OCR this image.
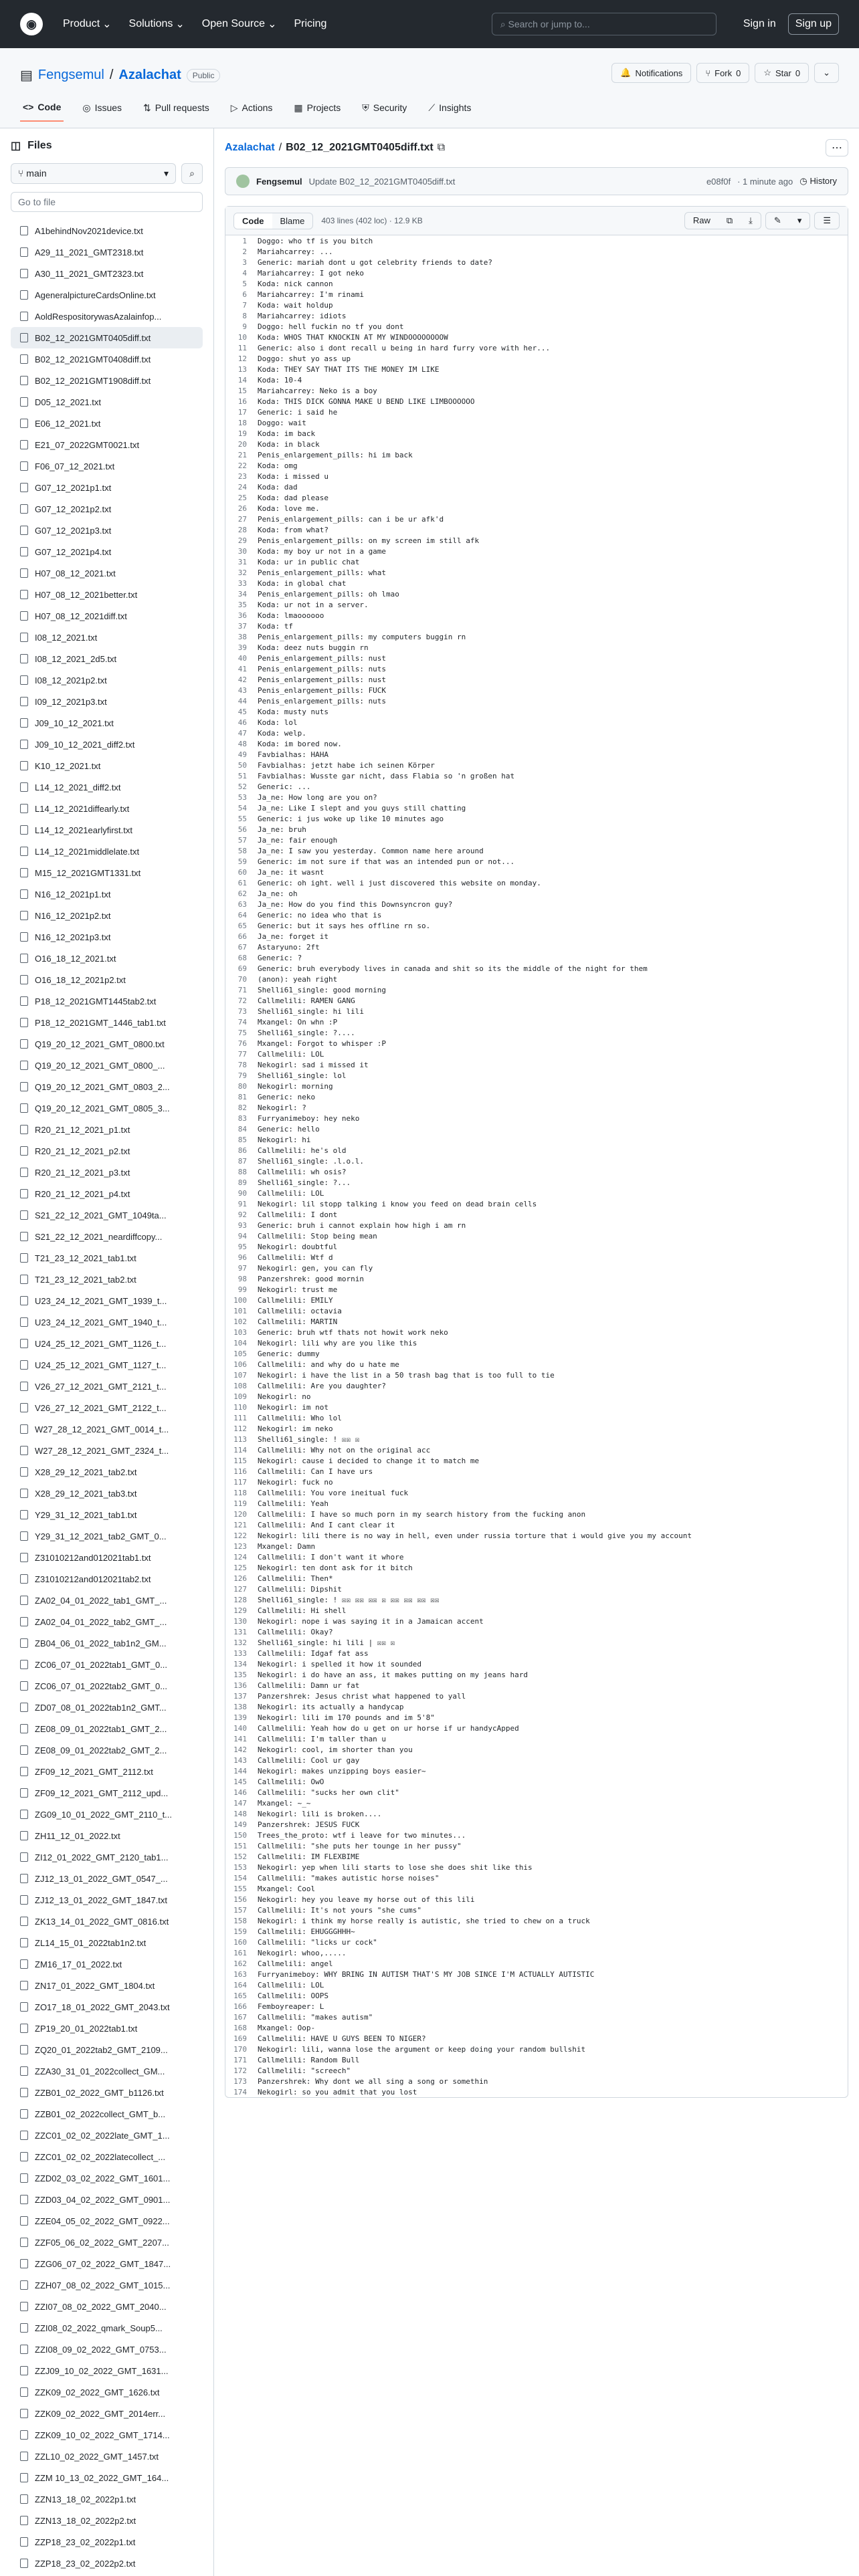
◉	Product ⌄ Solutions ⌄ Open Source ⌄ Pricing	⌕ Search or jump to...	Sign in	Sign up
▤ Fengsemul / Azalachat	Public	🔔 Notifications	⑂ Fork 0	☆ Star 0	⌄
<> Code ◎ Issues ⇅ Pull requests ▷ Actions ▦ Projects ⛨ Security ⟋ Insights
◫ Files
⑂ main	▾ ⌕
Go to file
A1behindNov2021device.txt
A29_11_2021_GMT2318.txt
A30_11_2021_GMT2323.txt
AgeneralpictureCardsOnline.txt
AoldRespositorywasAzalainfop...
B02_12_2021GMT0405diff.txt
B02_12_2021GMT0408diff.txt
B02_12_2021GMT1908diff.txt
D05_12_2021.txt
E06_12_2021.txt
E21_07_2022GMT0021.txt
F06_07_12_2021.txt
G07_12_2021p1.txt
G07_12_2021p2.txt
G07_12_2021p3.txt
G07_12_2021p4.txt
H07_08_12_2021.txt
H07_08_12_2021better.txt
H07_08_12_2021diff.txt
I08_12_2021.txt
I08_12_2021_2d5.txt
I08_12_2021p2.txt
I09_12_2021p3.txt
J09_10_12_2021.txt
J09_10_12_2021_diff2.txt
K10_12_2021.txt
L14_12_2021_diff2.txt
L14_12_2021diffearly.txt
L14_12_2021earlyfirst.txt
L14_12_2021middlelate.txt
M15_12_2021GMT1331.txt
N16_12_2021p1.txt
N16_12_2021p2.txt
N16_12_2021p3.txt
O16_18_12_2021.txt
O16_18_12_2021p2.txt
P18_12_2021GMT1445tab2.txt
P18_12_2021GMT_1446_tab1.txt
Q19_20_12_2021_GMT_0800.txt
Q19_20_12_2021_GMT_0800_...
Q19_20_12_2021_GMT_0803_2...
Q19_20_12_2021_GMT_0805_3...
R20_21_12_2021_p1.txt
R20_21_12_2021_p2.txt
R20_21_12_2021_p3.txt
R20_21_12_2021_p4.txt
S21_22_12_2021_GMT_1049ta...
S21_22_12_2021_neardiffcopy...
T21_23_12_2021_tab1.txt
T21_23_12_2021_tab2.txt
U23_24_12_2021_GMT_1939_t...
U23_24_12_2021_GMT_1940_t...
U24_25_12_2021_GMT_1126_t...
U24_25_12_2021_GMT_1127_t...
V26_27_12_2021_GMT_2121_t...
V26_27_12_2021_GMT_2122_t...
W27_28_12_2021_GMT_0014_t...
W27_28_12_2021_GMT_2324_t...
X28_29_12_2021_tab2.txt
X28_29_12_2021_tab3.txt
Y29_31_12_2021_tab1.txt
Y29_31_12_2021_tab2_GMT_0...
Z31010212and012021tab1.txt
Z31010212and012021tab2.txt
ZA02_04_01_2022_tab1_GMT_...
ZA02_04_01_2022_tab2_GMT_...
ZB04_06_01_2022_tab1n2_GM...
ZC06_07_01_2022tab1_GMT_0...
ZC06_07_01_2022tab2_GMT_0...
ZD07_08_01_2022tab1n2_GMT...
ZE08_09_01_2022tab1_GMT_2...
ZE08_09_01_2022tab2_GMT_2...
ZF09_12_2021_GMT_2112.txt
ZF09_12_2021_GMT_2112_upd...
ZG09_10_01_2022_GMT_2110_t...
ZH11_12_01_2022.txt
ZI12_01_2022_GMT_2120_tab1...
ZJ12_13_01_2022_GMT_0547_...
ZJ12_13_01_2022_GMT_1847.txt
ZK13_14_01_2022_GMT_0816.txt
ZL14_15_01_2022tab1n2.txt
ZM16_17_01_2022.txt
ZN17_01_2022_GMT_1804.txt
ZO17_18_01_2022_GMT_2043.txt
ZP19_20_01_2022tab1.txt
ZQ20_01_2022tab2_GMT_2109...
ZZA30_31_01_2022collect_GM...
ZZB01_02_2022_GMT_b1126.txt
ZZB01_02_2022collect_GMT_b...
ZZC01_02_02_2022late_GMT_1...
ZZC01_02_02_2022latecollect_...
ZZD02_03_02_2022_GMT_1601...
ZZD03_04_02_2022_GMT_0901...
ZZE04_05_02_2022_GMT_0922...
ZZF05_06_02_2022_GMT_2207...
ZZG06_07_02_2022_GMT_1847...
ZZH07_08_02_2022_GMT_1015...
ZZI07_08_02_2022_GMT_2040...
ZZI08_02_2022_qmark_Soup5...
ZZI08_09_02_2022_GMT_0753...
ZZJ09_10_02_2022_GMT_1631...
ZZK09_02_2022_GMT_1626.txt
ZZK09_02_2022_GMT_2014err...
ZZK09_10_02_2022_GMT_1714...
ZZL10_02_2022_GMT_1457.txt
ZZM 10_13_02_2022_GMT_164...
ZZN13_18_02_2022p1.txt
ZZN13_18_02_2022p2.txt
ZZP18_23_02_2022p1.txt
ZZP18_23_02_2022p2.txt
Azalachat / B02_12_2021GMT0405diff.txt ⧉	⋯
Fengsemul Update B02_12_2021GMT0405diff.txt	e08f0f · 1 minute ago ◷ History
Code	Blame	403 lines (402 loc) · 12.9 KB	Raw	⧉	⤓	✎	▾	☰
1	Doggo: who tf is you bitch
2	Mariahcarrey: ...
3	Generic: mariah dont u got celebrity friends to date?
4	Mariahcarrey: I got neko
5	Koda: nick cannon
6	Mariahcarrey: I'm rinami
7	Koda: wait holdup
8	Mariahcarrey: idiots
9	Doggo: hell fuckin no tf you dont
10	Koda: WHOS THAT KNOCKIN AT MY WINDOOOOOOOOW
11	Generic: also i dont recall u being in hard furry vore with her...
12	Doggo: shut yo ass up
13	Koda: THEY SAY THAT ITS THE MONEY IM LIKE
14	Koda: 10-4
15	Mariahcarrey: Neko is a boy
16	Koda: THIS DICK GONNA MAKE U BEND LIKE LIMBOOOOOO
17	Generic: i said he
18	Doggo: wait
19	Koda: im back
20	Koda: in black
21	Penis_enlargement_pills: hi im back
22	Koda: omg
23	Koda: i missed u
24	Koda: dad
25	Koda: dad please
26	Koda: love me.
27	Penis_enlargement_pills: can i be ur afk'd
28	Koda: from what?
29	Penis_enlargement_pills: on my screen im still afk
30	Koda: my boy ur not in a game
31	Koda: ur in public chat
32	Penis_enlargement_pills: what
33	Koda: in global chat
34	Penis_enlargement_pills: oh lmao
35	Koda: ur not in a server.
36	Koda: lmaoooooo
37	Koda: tf
38	Penis_enlargement_pills: my computers buggin rn
39	Koda: deez nuts buggin rn
40	Penis_enlargement_pills: nust
41	Penis_enlargement_pills: nuts
42	Penis_enlargement_pills: nust
43	Penis_enlargement_pills: FUCK
44	Penis_enlargement_pills: nuts
45	Koda: musty nuts
46	Koda: lol
47	Koda: welp.
48	Koda: im bored now.
49	Favbialhas: HAHA
50	Favbialhas: jetzt habe ich seinen Körper
51	Favbialhas: Wusste gar nicht, dass Flabia so 'n großen hat
52	Generic: ...
53	Ja_ne: How long are you on?
54	Ja_ne: Like I slept and you guys still chatting
55	Generic: i jus woke up like 10 minutes ago
56	Ja_ne: bruh
57	Ja_ne: fair enough
58	Ja_ne: I saw you yesterday. Common name here around
59	Generic: im not sure if that was an intended pun or not...
60	Ja_ne: it wasnt
61	Generic: oh ight. well i just discovered this website on monday.
62	Ja_ne: oh
63	Ja_ne: How do you find this Downsyncron guy?
64	Generic: no idea who that is
65	Generic: but it says hes offline rn so.
66	Ja_ne: forget it
67	Astaryuno: 2ft
68	Generic: ?
69	Generic: bruh everybody lives in canada and shit so its the middle of the night for them
70	(anon): yeah right
71	Shelli61_single: good morning
72	Callmelili: RAMEN GANG
73	Shelli61_single: hi lili
74	Mxangel: On whn :P
75	Shelli61_single: ?....
76	Mxangel: Forgot to whisper :P
77	Callmelili: LOL
78	Nekogirl: sad i missed it
79	Shelli61_single: lol
80	Nekogirl: morning
81	Generic: neko
82	Nekogirl: ?
83	Furryanimeboy: hey neko
84	Generic: hello
85	Nekogirl: hi
86	Callmelili: he's old
87	Shelli61_single: .l.o.l.
88	Callmelili: wh osis?
89	Shelli61_single: ?...
90	Callmelili: LOL
91	Nekogirl: lil stopp talking i know you feed on dead brain cells
92	Callmelili: I dont
93	Generic: bruh i cannot explain how high i am rn
94	Callmelili: Stop being mean
95	Nekogirl: doubtful
96	Callmelili: Wtf d
97	Nekogirl: gen, you can fly
98	Panzershrek: good mornin
99	Nekogirl: trust me
100	Callmelili: EMILY
101	Callmelili: octavia
102	Callmelili: MARTIN
103	Generic: bruh wtf thats not howit work neko
104	Nekogirl: lili why are you like this
105	Generic: dummy
106	Callmelili: and why do u hate me
107	Nekogirl: i have the list in a 50 trash bag that is too full to tie
108	Callmelili: Are you daughter?
109	Nekogirl: no
110	Nekogirl: im not
111	Callmelili: Who lol
112	Nekogirl: im neko
113	Shelli61_single: ! ☒☒ ☒
114	Callmelili: Why not on the original acc
115	Nekogirl: cause i decided to change it to match me
116	Callmelili: Can I have urs
117	Nekogirl: fuck no
118	Callmelili: You vore ineitual fuck
119	Callmelili: Yeah
120	Callmelili: I have so much porn in my search history from the fucking anon
121	Callmelili: And I cant clear it
122	Nekogirl: lili there is no way in hell, even under russia torture that i would give you my account
123	Mxangel: Damn
124	Callmelili: I don't want it whore
125	Nekogirl: ten dont ask for it bitch
126	Callmelili: Then*
127	Callmelili: Dipshit
128	Shelli61_single: ! ☒☒ ☒☒ ☒☒ ☒ ☒☒ ☒☒ ☒☒ ☒☒
129	Callmelili: Hi shell
130	Nekogirl: nope i was saying it in a Jamaican accent
131	Callmelili: Okay?
132	Shelli61_single: hi lili | ☒☒ ☒
133	Callmelili: Idgaf fat ass
134	Nekogirl: i spelled it how it sounded
135	Nekogirl: i do have an ass, it makes putting on my jeans hard
136	Callmelili: Damn ur fat
137	Panzershrek: Jesus christ what happened to yall
138	Nekogirl: its actually a handycap
139	Nekogirl: lili im 170 pounds and im 5'8"
140	Callmelili: Yeah how do u get on ur horse if ur handycApped
141	Callmelili: I'm taller than u
142	Nekogirl: cool, im shorter than you
143	Callmelili: Cool ur gay
144	Nekogirl: makes unzipping boys easier~
145	Callmelili: OwO
146	Callmelili: "sucks her own clit"
147	Mxangel: ~_~
148	Nekogirl: lili is broken....
149	Panzershrek: JESUS FUCK
150	Trees_the_proto: wtf i leave for two minutes...
151	Callmelili: "she puts her tounge in her pussy"
152	Callmelili: IM FLEXBIME
153	Nekogirl: yep when lili starts to lose she does shit like this
154	Callmelili: "makes autistic horse noises"
155	Mxangel: Cool
156	Nekogirl: hey you leave my horse out of this lili
157	Callmelili: It's not yours "she cums"
158	Nekogirl: i think my horse really is autistic, she tried to chew on a truck
159	Callmelili: EHUGGGHHH~
160	Callmelili: "licks ur cock"
161	Nekogirl: whoo,.....
162	Callmelili: angel
163	Furryanimeboy: WHY BRING IN AUTISM THAT'S MY JOB SINCE I'M ACTUALLY AUTISTIC
164	Callmelili: LOL
165	Callmelili: OOPS
166	Femboyreaper: L
167	Callmelili: "makes autism"
168	Mxangel: Oop-
169	Callmelili: HAVE U GUYS BEEN TO NIGER?
170	Nekogirl: lili, wanna lose the argument or keep doing your random bullshit
171	Callmelili: Random Bull
172	Callmelili: "screech"
173	Panzershrek: Why dont we all sing a song or somethin
174	Nekogirl: so you admit that you lost
